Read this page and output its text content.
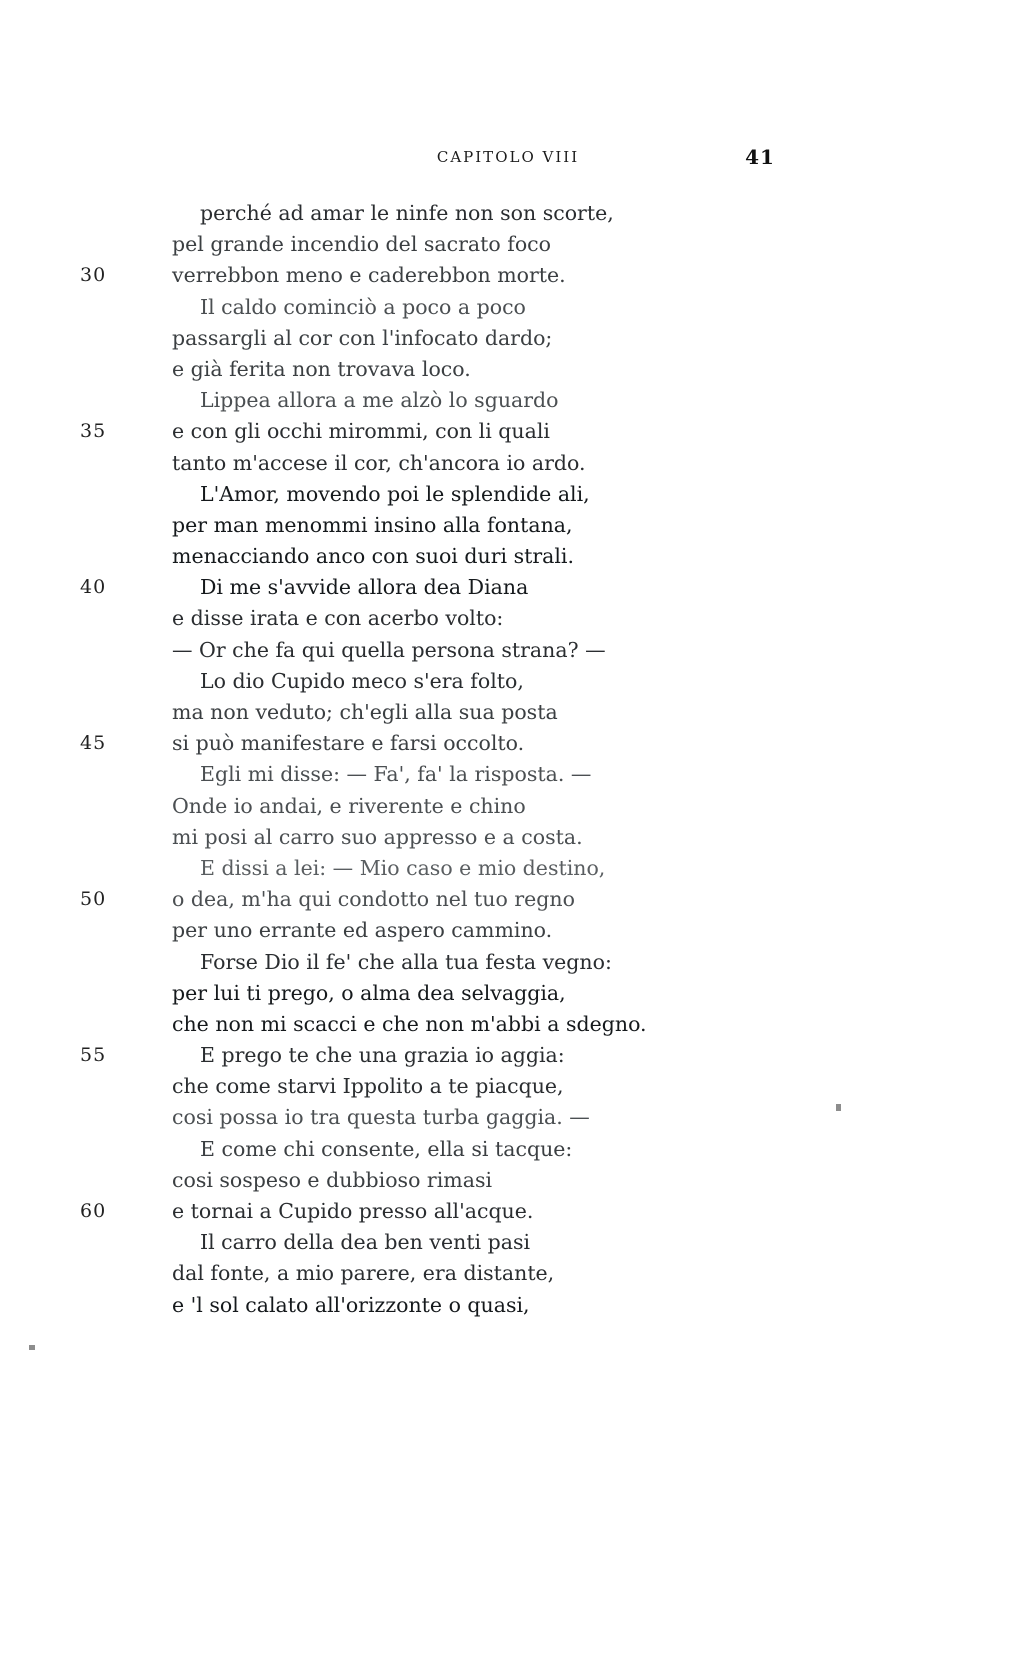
CAPITOLO VIII	41
perché ad amar le ninfe non son scorte,
pel grande incendio del sacrato foco
30	verrebbon meno e caderebbon morte.
Il caldo cominciò a poco a poco
passargli al cor con l'infocato dardo;
e già ferita non trovava loco.
Lippea allora a me alzò lo sguardo
35	e con gli occhi mirommi, con li quali
tanto m'accese il cor, ch'ancora io ardo.
L'Amor, movendo poi le splendide ali,
per man menommi insino alla fontana,
menacciando anco con suoi duri strali.
40	Di me s'avvide allora dea Diana
e disse irata e con acerbo volto:
— Or che fa qui quella persona strana? —
Lo dio Cupido meco s'era folto,
ma non veduto; ch'egli alla sua posta
45	si può manifestare e farsi occolto.
Egli mi disse: — Fa', fa' la risposta. —
Onde io andai, e riverente e chino
mi posi al carro suo appresso e a costa.
E dissi a lei: — Mio caso e mio destino,
50	o dea, m'ha qui condotto nel tuo regno
per uno errante ed aspero cammino.
Forse Dio il fe' che alla tua festa vegno:
per lui ti prego, o alma dea selvaggia,
che non mi scacci e che non m'abbi a sdegno.
55	E prego te che una grazia io aggia:
che come starvi Ippolito a te piacque,
cosi possa io tra questa turba gaggia. —
E come chi consente, ella si tacque:
cosi sospeso e dubbioso rimasi
60	e tornai a Cupido presso all'acque.
Il carro della dea ben venti pasi
dal fonte, a mio parere, era distante,
e 'l sol calato all'orizzonte o quasi,
